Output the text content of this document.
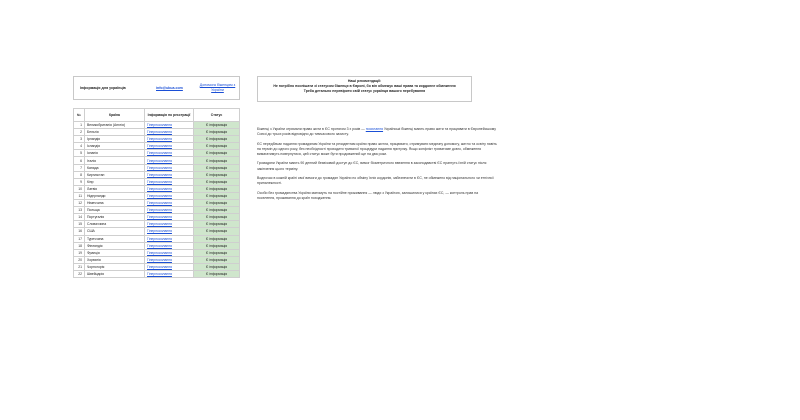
Інформація для українців	info@ukua.com
Допомога біженцям з України
№	Країна	Інформація по реєстрації	Статус
1	Великобританія (Англія)	Гіперпосилання	Є інформація
2	Бельгія	Гіперпосилання	Є інформація
3	Ірландія	Гіперпосилання	Є інформація
4	Ісландія	Гіперпосилання	Є інформація
5	Іспанія	Гіперпосилання	Є інформація
6	Італія	Гіперпосилання	Є інформація
7	Канада	Гіперпосилання	Є інформація
8	Киргизстан	Гіперпосилання	Є інформація
9	Кіпр	Гіперпосилання	Є інформація
10	Латвія	Гіперпосилання	Є інформація
11	Нідерланди	Гіперпосилання	Є інформація
12	Німеччина	Гіперпосилання	Є інформація
13	Польща	Гіперпосилання	Є інформація
14	Португалія	Гіперпосилання	Є інформація
15	Словаччина	Гіперпосилання	Є інформація
16	США	Гіперпосилання	Є інформація
17	Туреччина	Гіперпосилання	Є інформація
18	Фінляндія	Гіперпосилання	Є інформація
19	Франція	Гіперпосилання	Є інформація
20	Хорватія	Гіперпосилання	Є інформація
21	Чорногорія	Гіперпосилання	Є інформація
22	Швейцарія	Гіперпосилання	Є інформація
Наші рекомендації:
Не потрібно поспішати зі статусом біженця в Європі, бо він обмежує вашi права та кордонне обмеження
Треба детально перевірити свій статус українця вашого перебування

Біженці з України отримали право жити в ЄС протягом 3 х років — посилання Українські біженці мають право жити та працювати в Європейському Союзі до трьох років відповідно до тимчасового захисту.

ЄС передбачає надання громадянам України та резидентам країни право житла, працювати, отримувати медичну допомогу, житло та освіту навіть на термін до одного року, без необхідності проходити тривалої процедури надання притулку. Якщо конфлікт триватиме довго, обмеження вимагатимуть повернутися, цей статус може бути продовжений ще на два роки.

Громадяни України мають 90 денний безвізовий доступ до ЄС, вимог біометричного ввезення в законодавстві ЄС прагнуть їхній статус після закінчення цього терміну.

Водночас в кожній країні свої вимоги до громадян України по обміну їхніх кордонів, забезпечити в ЄС, не обмежено від національного чи етнічної приналежності.

Особи без громадянства України матимуть на постійне проживання — люди з Україною, залишилися у країнах ЄС, — контроль прав на поселення, проживання до країн походження.
